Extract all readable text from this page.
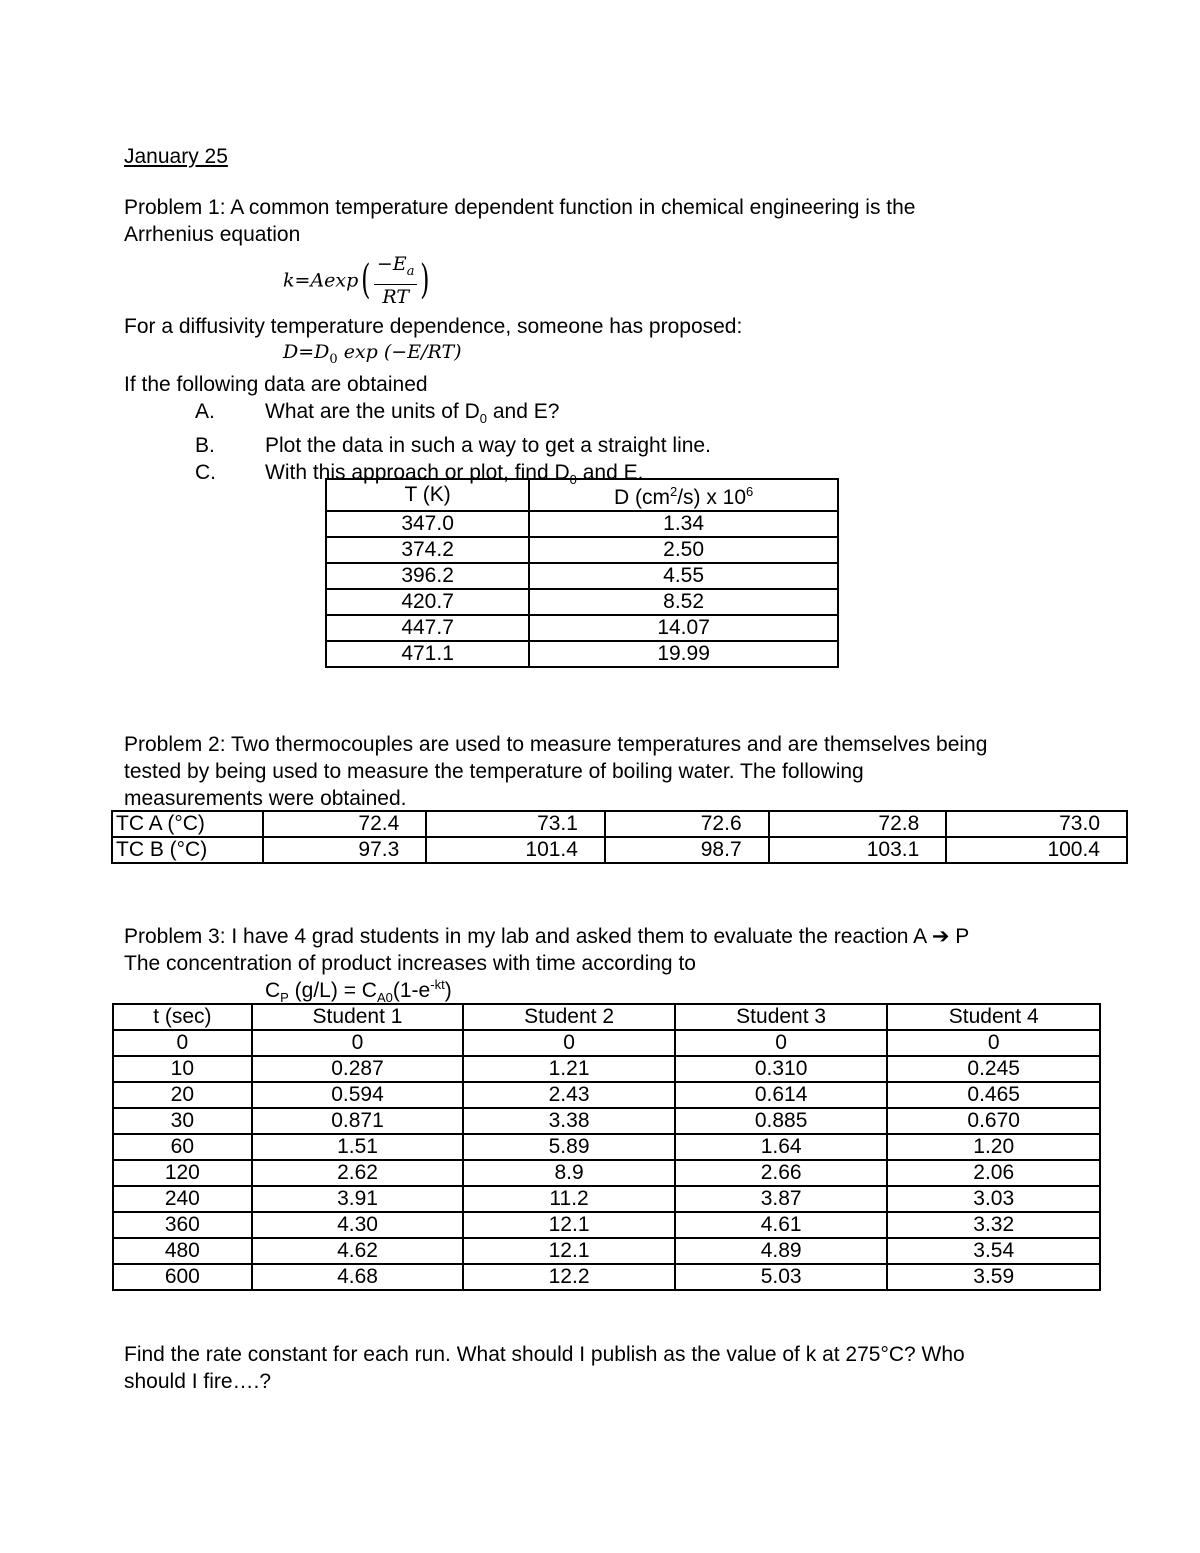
January 25
Problem 1: A common temperature dependent function in chemical engineering is the
Arrhenius equation
$k=Aexp( \frac{-E_a}{RT}$ )
For a diffusivity temperature dependence, someone has proposed:
$D=D_0$ exp (−E/RT)
If the following data are obtained
A. What are the units of $D_0$ and E?
B. Plot the data in such a way to get a straight line.
C. With this approach or plot, find $D_0$ and E.
T (K)	D $(cm^2/s)$ x $10^6$
347.0	1.34
374.2	2.50
396.2	4.55
420.7	8.52
447.7	14.07
471.1	19.99
Problem 2: Two thermocouples are used to measure temperatures and are themselves being
tested by being used to measure the temperature of boiling water. The following
measurements were obtained.
TC A (°C)	72.4	73.1	72.6	72.8	73.0
TC B (°C)	97.3	101.4	98.7	103.1	100.4
Problem 3: I have 4 grad students in my lab and asked them to evaluate the reaction A ➔ P
The concentration of product increases with time according to
$C_P$ $(g/L) = C_{A0}(1-e^{-kt})$
t (sec)	Student 1	Student 2	Student 3	Student 4
0	0	0	0	0
10	0.287	1.21	0.310	0.245
20	0.594	2.43	0.614	0.465
30	0.871	3.38	0.885	0.670
60	1.51	5.89	1.64	1.20
120	2.62	8.9	2.66	2.06
240	3.91	11.2	3.87	3.03
360	4.30	12.1	4.61	3.32
480	4.62	12.1	4.89	3.54
600	4.68	12.2	5.03	3.59
Find the rate constant for each run. What should I publish as the value of k at 275°C? Who
should I fire….?
